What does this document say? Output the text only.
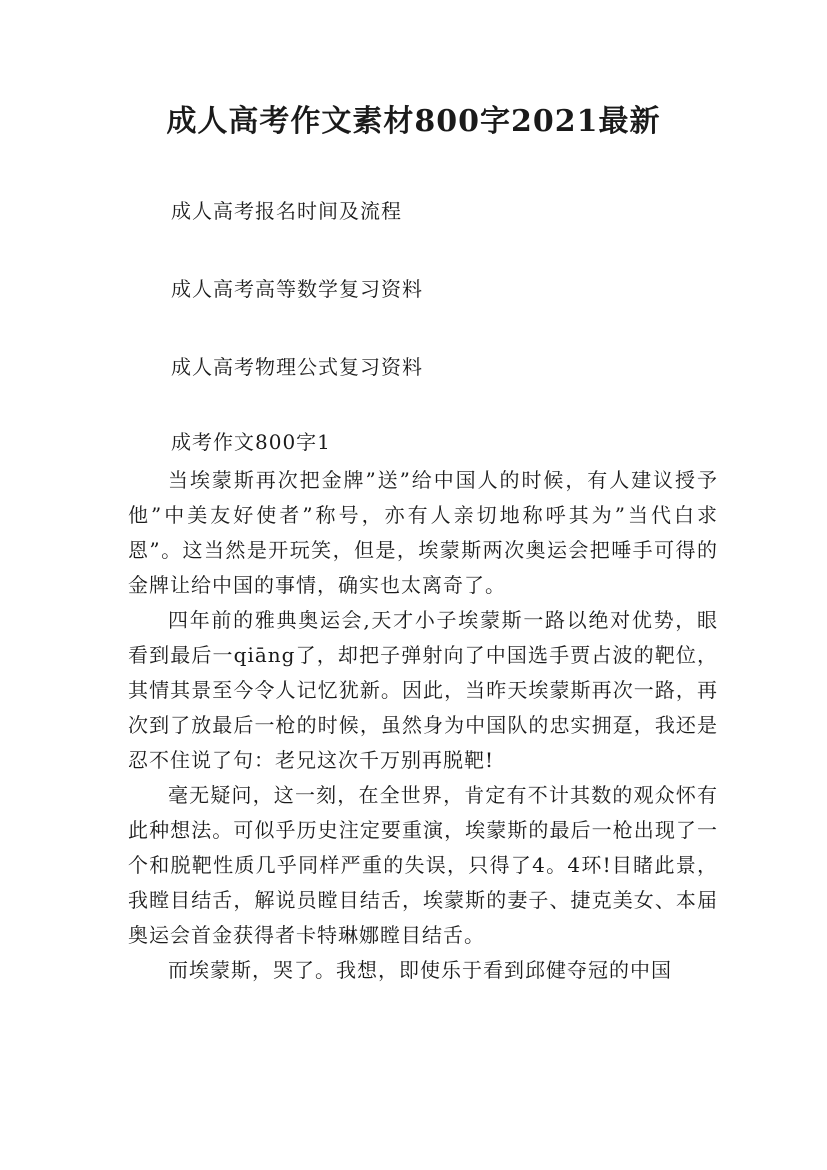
成人高考作文素材800字2021最新
成人高考报名时间及流程
成人高考高等数学复习资料
成人高考物理公式复习资料
成考作文800字1

当埃蒙斯再次把金牌”送”给中国人的时候，有人建议授予他”中美友好使者”称号，亦有人亲切地称呼其为”当代白求恩”。这当然是开玩笑，但是，埃蒙斯两次奥运会把唾手可得的金牌让给中国的事情，确实也太离奇了。

四年前的雅典奥运会,天才小子埃蒙斯一路以绝对优势，眼看到最后一qiāng了，却把子弹射向了中国选手贾占波的靶位，其情其景至今令人记忆犹新。因此，当昨天埃蒙斯再次一路，再次到了放最后一枪的时候，虽然身为中国队的忠实拥趸，我还是忍不住说了句：老兄这次千万别再脱靶!

毫无疑问，这一刻，在全世界，肯定有不计其数的观众怀有此种想法。可似乎历史注定要重演，埃蒙斯的最后一枪出现了一个和脱靶性质几乎同样严重的失误，只得了4。4环!目睹此景，我瞠目结舌，解说员瞠目结舌，埃蒙斯的妻子、捷克美女、本届奥运会首金获得者卡特琳娜瞠目结舌。

而埃蒙斯，哭了。我想，即使乐于看到邱健夺冠的中国
